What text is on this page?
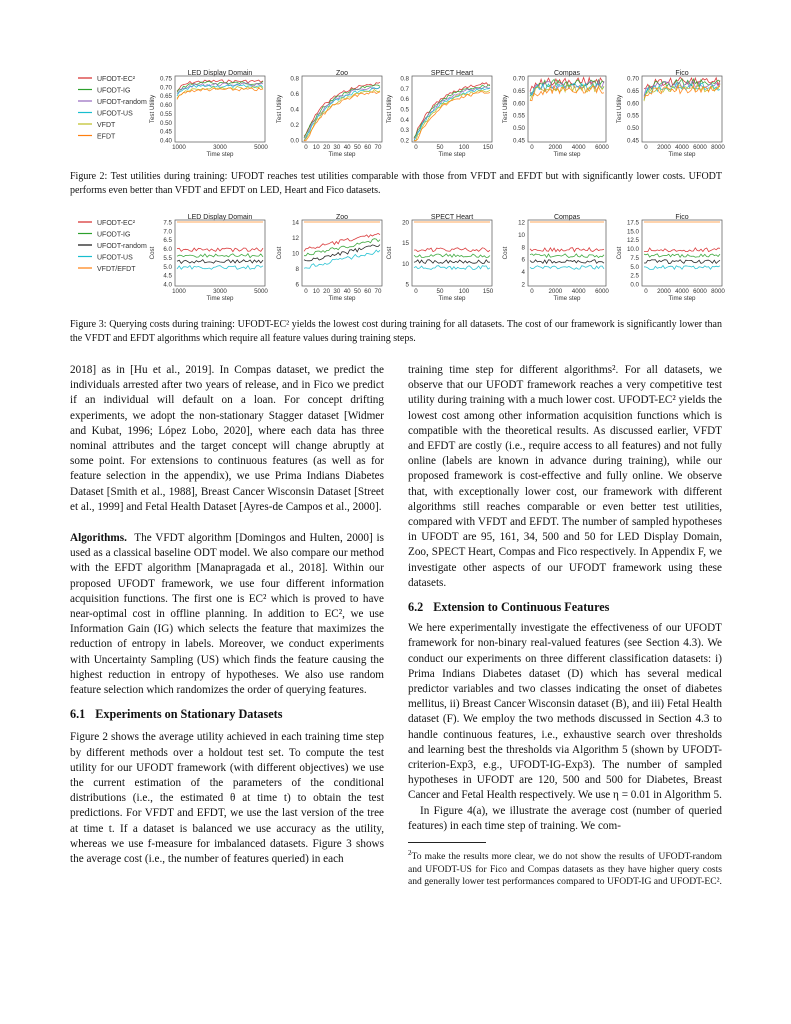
UFODT-EC²
UFODT-IG
UFODT-random
UFODT-US
VFDT
EFDT
LED Display Domain
0.75
0.70
0.65
0.60
0.55
0.50
0.45
0.40
Test Utility
1000	3000	5000
Time step
Zoo
0.8
0.6
0.4
0.2
0.0
Test Utility
0 10 20 30 40 50 60 70
Time step
SPECT Heart
0.8
0.7
0.6
0.5
0.4
0.3
0.2
Test Utility
0	50 100 150
Time step
Compas
0.70
0.65
0.60
0.55
0.50
0.45
Test Utility
0 2000 4000 6000
Time step
Fico
0.70
0.65
0.60
0.55
0.50
0.45
Test Utility
0 2000 4000 6000 8000
Time step
Figure 2: Test utilities during training: UFODT reaches test utilities comparable with those from VFDT and EFDT but with significantly lower costs. UFODT performs even better than VFDT and EFDT on LED, Heart and Fico datasets.
UFODT-EC²
UFODT-IG
UFODT-random
UFODT-US
VFDT/EFDT
LED Display Domain
7.5
7.0
6.5
6.0
5.5
5.0
4.5
4.0
Cost
1000	3000	5000
Time step
Zoo
14
12
10
8
6
Cost
0 10 20 30 40 50 60 70
Time step
SPECT Heart
20
15
10
5
Cost
0	50 100 150
Time step
Compas
12
10
8
6
4
2
Cost
0 2000 4000 6000
Time step
Fico
17.5
15.0
12.5
10.0
7.5
5.0
2.5
0.0
Cost
0 2000 4000 6000 8000
Time step
Figure 3: Querying costs during training: UFODT-EC² yields the lowest cost during training for all datasets. The cost of our framework is significantly lower than the VFDT and EFDT algorithms which require all feature values during training steps.

2018] as in [Hu et al., 2019]. In Compas dataset, we predict the individuals arrested after two years of release, and in Fico we predict if an individual will default on a loan. For concept drifting experiments, we adopt the non-stationary Stagger dataset [Widmer and Kubat, 1996; López Lobo, 2020], where each data has three nominal attributes and the target concept will change abruptly at some point. For extensions to continuous features (as well as for feature selection in the appendix), we use Prima Indians Diabetes Dataset [Smith et al., 1988], Breast Cancer Wisconsin Dataset [Street et al., 1999] and Fetal Health Dataset [Ayres-de Campos et al., 2000].

Algorithms. The VFDT algorithm [Domingos and Hulten, 2000] is used as a classical baseline ODT model. We also compare our method with the EFDT algorithm [Manapragada et al., 2018]. Within our proposed UFODT framework, we use four different information acquisition functions. The first one is EC² which is proved to have near-optimal cost in offline planning. In addition to EC², we use Information Gain (IG) which selects the feature that maximizes the reduction of entropy in labels. Moreover, we conduct experiments with Uncertainty Sampling (US) which finds the feature causing the highest reduction in entropy of hypotheses. We also use random feature selection which randomizes the order of querying features.

6.1 Experiments on Stationary Datasets

Figure 2 shows the average utility achieved in each training time step by different methods over a holdout test set. To compute the test utility for our UFODT framework (with different objectives) we use the current estimation of the parameters of the conditional distributions (i.e., the estimated θ at time t) to obtain the test predictions. For VFDT and EFDT, we use the last version of the tree at time t. If a dataset is balanced we use accuracy as the utility, whereas we use f-measure for imbalanced datasets. Figure 3 shows the average cost (i.e., the number of features queried) in each

training time step for different algorithms². For all datasets, we observe that our UFODT framework reaches a very competitive test utility during training with a much lower cost. UFODT-EC² yields the lowest cost among other information acquisition functions which is compatible with the theoretical results. As discussed earlier, VFDT and EFDT are costly (i.e., require access to all features) and not fully online (labels are known in advance during training), while our proposed framework is cost-effective and fully online. We observe that, with exceptionally lower cost, our framework with different algorithms still reaches comparable or even better test utilities, compared with VFDT and EFDT. The number of sampled hypotheses in UFODT are 95, 161, 34, 500 and 50 for LED Display Domain, Zoo, SPECT Heart, Compas and Fico respectively. In Appendix F, we investigate other aspects of our UFODT framework using these datasets.

6.2 Extension to Continuous Features

We here experimentally investigate the effectiveness of our UFODT framework for non-binary real-valued features (see Section 4.3). We conduct our experiments on three different classification datasets: i) Prima Indians Diabetes dataset (D) which has several medical predictor variables and two classes indicating the onset of diabetes mellitus, ii) Breast Cancer Wisconsin dataset (B), and iii) Fetal Health dataset (F). We employ the two methods discussed in Section 4.3 to handle continuous features, i.e., exhaustive search over thresholds and learning best the thresholds via Algorithm 5 (shown by UFODT-criterion-Exp3, e.g., UFODT-IG-Exp3). The number of sampled hypotheses in UFODT are 120, 500 and 500 for Diabetes, Breast Cancer and Fetal Health respectively. We use η = 0.01 in Algorithm 5.

In Figure 4(a), we illustrate the average cost (number of queried features) in each time step of training. We com-

$^2$To make the results more clear, we do not show the results of UFODT-random and UFODT-US for Fico and Compas datasets as they have higher query costs and generally lower test performances compared to UFODT-IG and UFODT-EC².
